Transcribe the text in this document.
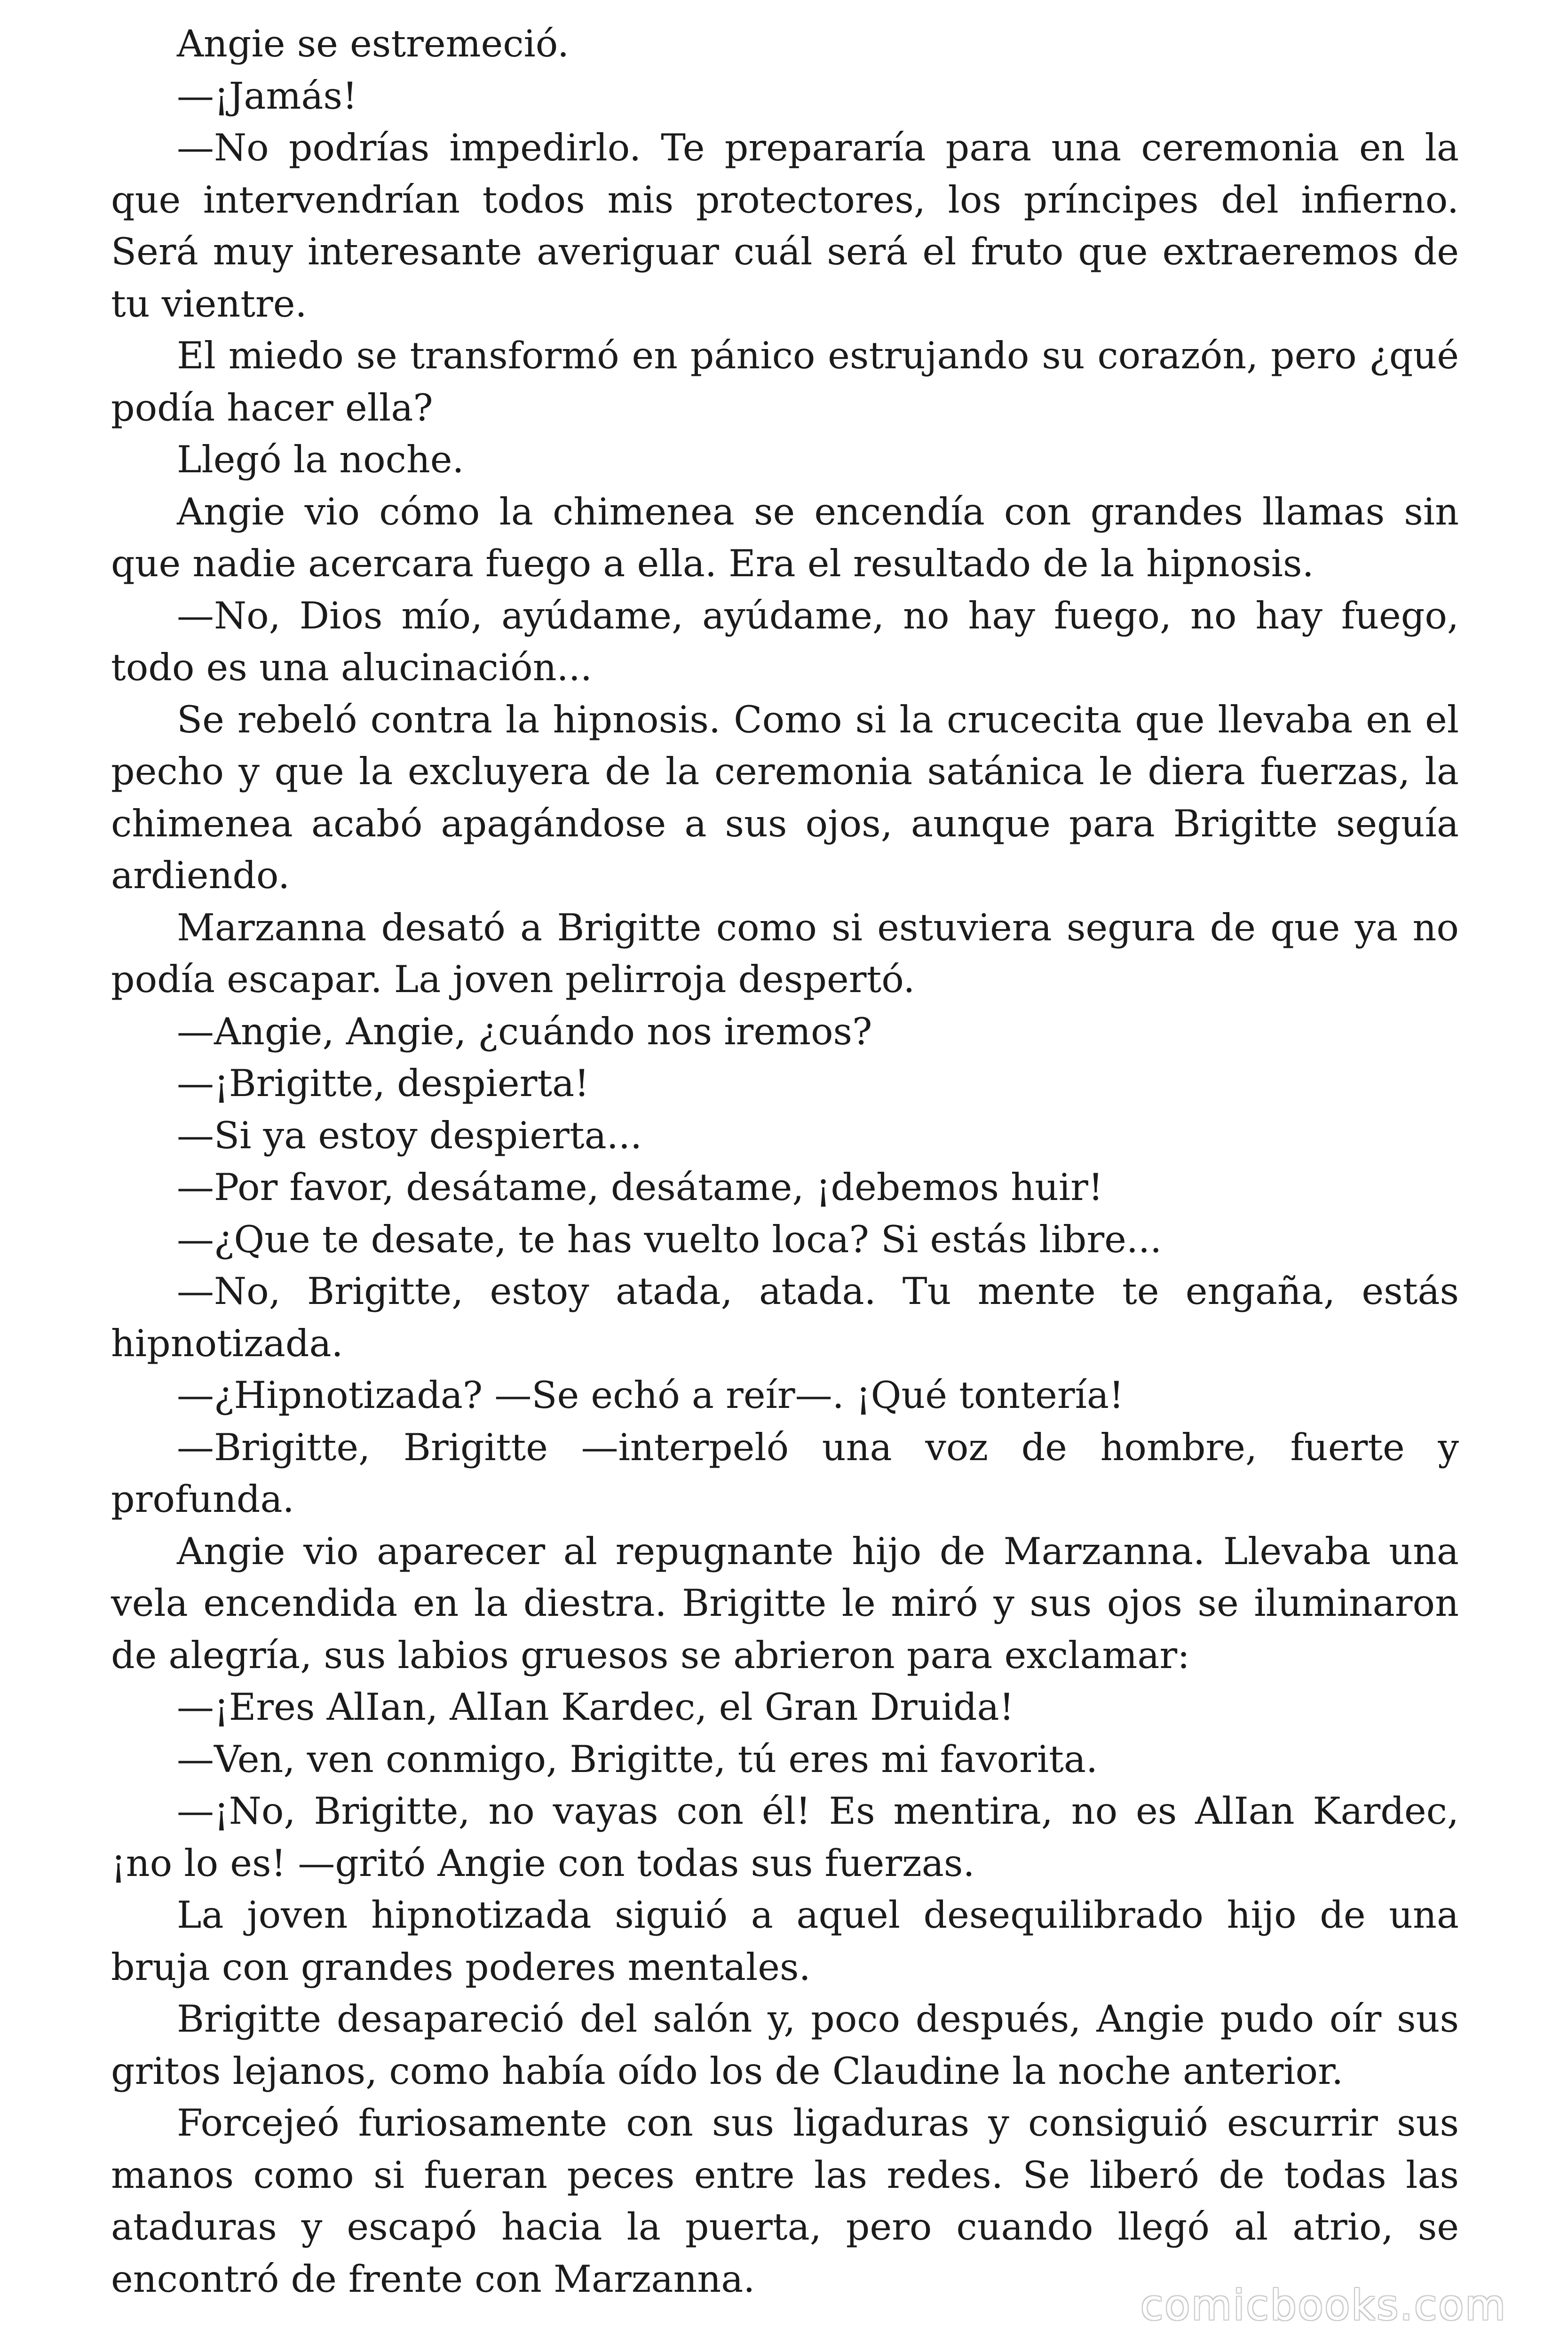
Angie se estremeció.

—¡Jamás!

—No podrías impedirlo. Te prepararía para una ceremonia en la que intervendrían todos mis protectores, los príncipes del infierno. Será muy interesante averiguar cuál será el fruto que extraeremos de tu vientre.

El miedo se transformó en pánico estrujando su corazón, pero ¿qué podía hacer ella?

Llegó la noche.

Angie vio cómo la chimenea se encendía con grandes llamas sin que nadie acercara fuego a ella. Era el resultado de la hipnosis.

—No, Dios mío, ayúdame, ayúdame, no hay fuego, no hay fuego, todo es una alucinación...

Se rebeló contra la hipnosis. Como si la crucecita que llevaba en el pecho y que la excluyera de la ceremonia satánica le diera fuerzas, la chimenea acabó apagándose a sus ojos, aunque para Brigitte seguía ardiendo.

Marzanna desató a Brigitte como si estuviera segura de que ya no podía escapar. La joven pelirroja despertó.

—Angie, Angie, ¿cuándo nos iremos?

—¡Brigitte, despierta!

—Si ya estoy despierta...

—Por favor, desátame, desátame, ¡debemos huir!

—¿Que te desate, te has vuelto loca? Si estás libre...

—No, Brigitte, estoy atada, atada. Tu mente te engaña, estás hipnotizada.

—¿Hipnotizada? —Se echó a reír—. ¡Qué tontería!

—Brigitte, Brigitte —interpeló una voz de hombre, fuerte y profunda.

Angie vio aparecer al repugnante hijo de Marzanna. Llevaba una vela encendida en la diestra. Brigitte le miró y sus ojos se iluminaron de alegría, sus labios gruesos se abrieron para exclamar:

—¡Eres AlIan, AlIan Kardec, el Gran Druida!

—Ven, ven conmigo, Brigitte, tú eres mi favorita.

—¡No, Brigitte, no vayas con él! Es mentira, no es AlIan Kardec, ¡no lo es! —gritó Angie con todas sus fuerzas.

La joven hipnotizada siguió a aquel desequilibrado hijo de una bruja con grandes poderes mentales.

Brigitte desapareció del salón y, poco después, Angie pudo oír sus gritos lejanos, como había oído los de Claudine la noche anterior.

Forcejeó furiosamente con sus ligaduras y consiguió escurrir sus manos como si fueran peces entre las redes. Se liberó de todas las ataduras y escapó hacia la puerta, pero cuando llegó al atrio, se encontró de frente con Marzanna.

comicbooks.com
